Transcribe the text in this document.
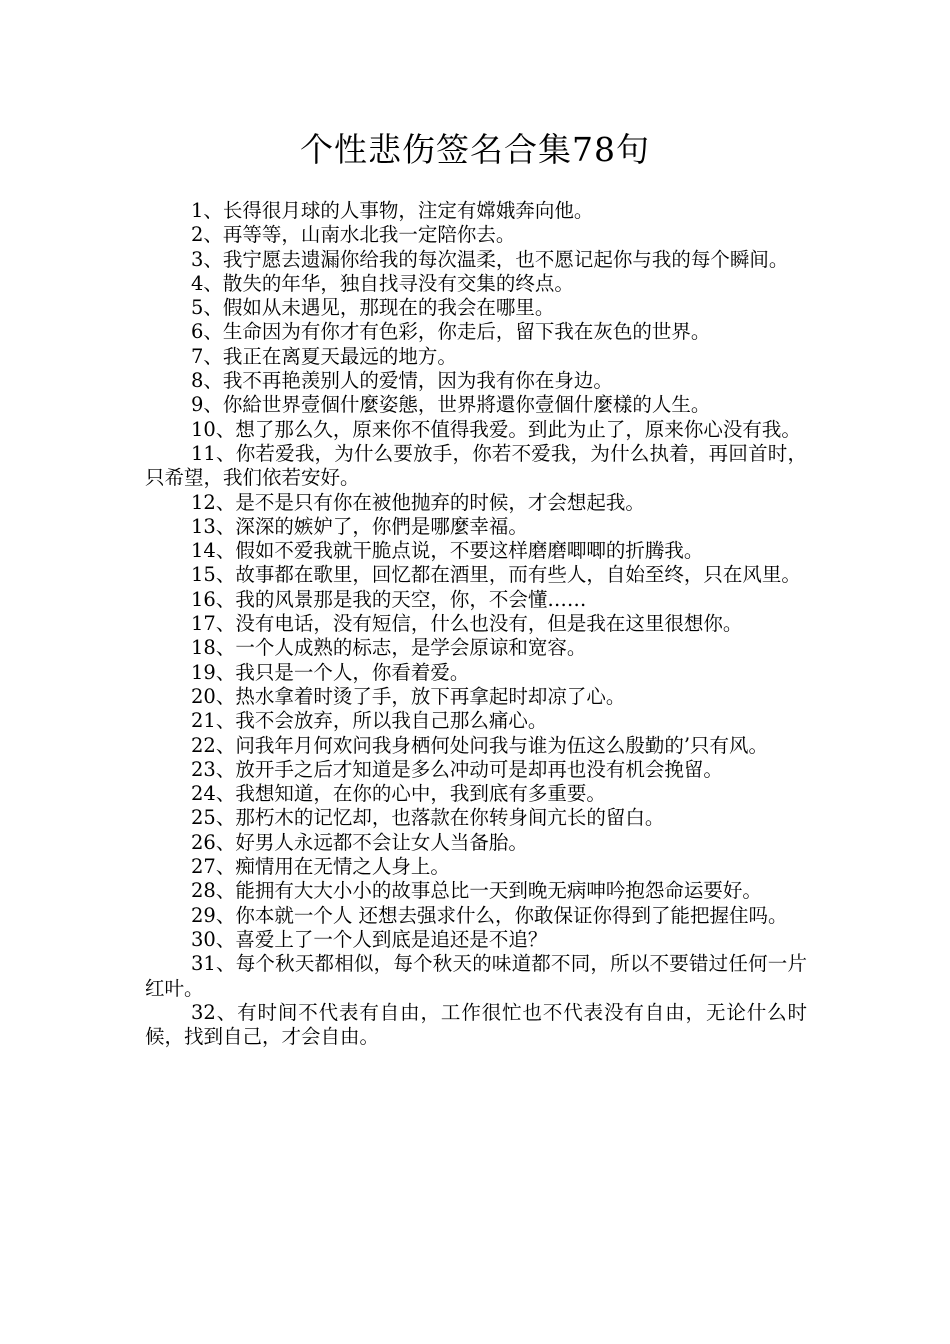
个性悲伤签名合集78句

1、长得很月球的人事物，注定有嫦娥奔向他。

2、再等等，山南水北我一定陪你去。

3、我宁愿去遗漏你给我的每次温柔，也不愿记起你与我的每个瞬间。

4、散失的年华，独自找寻没有交集的终点。

5、假如从未遇见，那现在的我会在哪里。

6、生命因为有你才有色彩，你走后，留下我在灰色的世界。

7、我正在离夏天最远的地方。

8、我不再艳羡别人的爱情，因为我有你在身边。

9、你給世界壹個什麼姿態，世界將還你壹個什麼樣的人生。

10、想了那么久，原来你不值得我爱。到此为止了，原来你心没有我。

11、你若爱我，为什么要放手，你若不爱我，为什么执着，再回首时，只希望，我们依若安好。

12、是不是只有你在被他抛弃的时候，才会想起我。

13、深深的嫉妒了，你們是哪麼幸福。

14、假如不爱我就干脆点说，不要这样磨磨唧唧的折腾我。

15、故事都在歌里，回忆都在酒里，而有些人，自始至终，只在风里。

16、我的风景那是我的天空，你，不会懂……

17、没有电话，没有短信，什么也没有，但是我在这里很想你。

18、一个人成熟的标志，是学会原谅和宽容。

19、我只是一个人，你看着爱。

20、热水拿着时烫了手，放下再拿起时却凉了心。

21、我不会放弃，所以我自己那么痛心。

22、问我年月何欢问我身栖何处问我与谁为伍这么殷勤的’只有风。

23、放开手之后才知道是多么冲动可是却再也没有机会挽留。

24、我想知道，在你的心中，我到底有多重要。

25、那朽木的记忆却，也落款在你转身间亢长的留白。

26、好男人永远都不会让女人当备胎。

27、痴情用在无情之人身上。

28、能拥有大大小小的故事总比一天到晚无病呻吟抱怨命运要好。

29、你本就一个人 还想去强求什么，你敢保证你得到了能把握住吗。

30、喜爱上了一个人到底是追还是不追？

31、每个秋天都相似，每个秋天的味道都不同，所以不要错过任何一片红叶。

32、有时间不代表有自由，工作很忙也不代表没有自由，无论什么时候，找到自己，才会自由。
